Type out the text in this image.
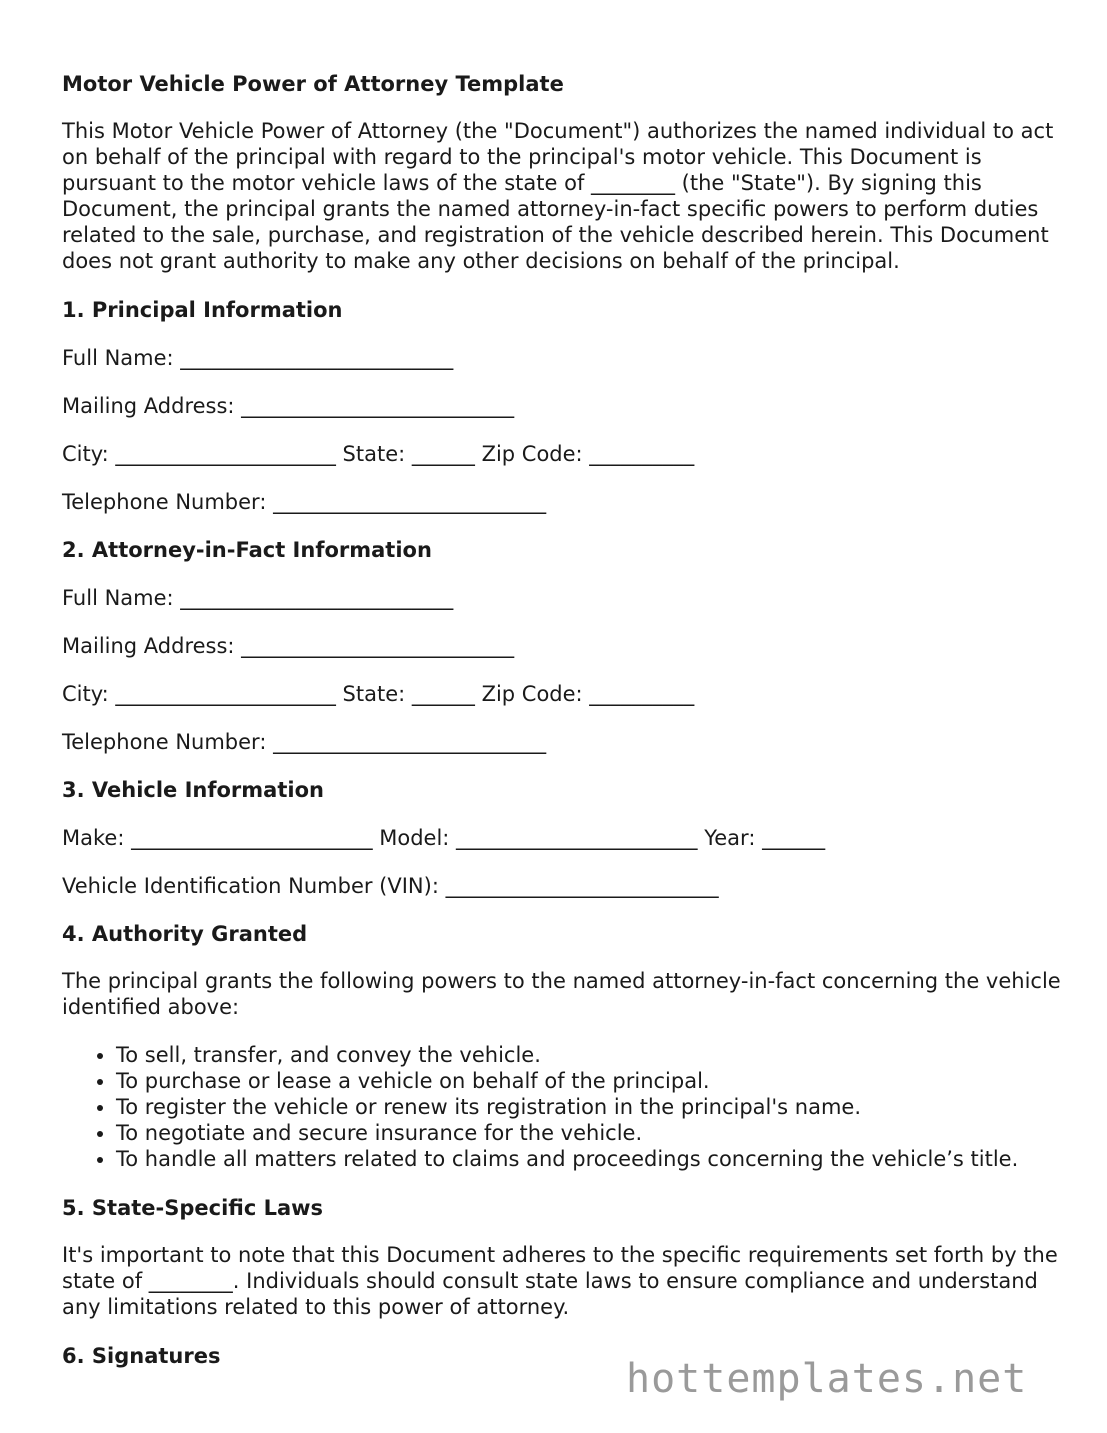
Motor Vehicle Power of Attorney Template

This Motor Vehicle Power of Attorney (the "Document") authorizes the named individual to act on behalf of the principal with regard to the principal's motor vehicle. This Document is pursuant to the motor vehicle laws of the state of ________ (the "State"). By signing this Document, the principal grants the named attorney-in-fact specific powers to perform duties related to the sale, purchase, and registration of the vehicle described herein. This Document does not grant authority to make any other decisions on behalf of the principal.

1. Principal Information
Full Name: __________________________
Mailing Address: __________________________
City: _____________________ State: ______ Zip Code: __________
Telephone Number: __________________________
2. Attorney-in-Fact Information
Full Name: __________________________
Mailing Address: __________________________
City: _____________________ State: ______ Zip Code: __________
Telephone Number: __________________________
3. Vehicle Information
Make: _______________________ Model: _______________________ Year: ______
Vehicle Identification Number (VIN): __________________________
4. Authority Granted

The principal grants the following powers to the named attorney-in-fact concerning the vehicle identified above:

• To sell, transfer, and convey the vehicle.
• To purchase or lease a vehicle on behalf of the principal.
• To register the vehicle or renew its registration in the principal's name.
• To negotiate and secure insurance for the vehicle.
• To handle all matters related to claims and proceedings concerning the vehicle’s title.
5. State-Specific Laws

It's important to note that this Document adheres to the specific requirements set forth by the state of ________. Individuals should consult state laws to ensure compliance and understand any limitations related to this power of attorney.

6. Signatures	hottemplates.net
